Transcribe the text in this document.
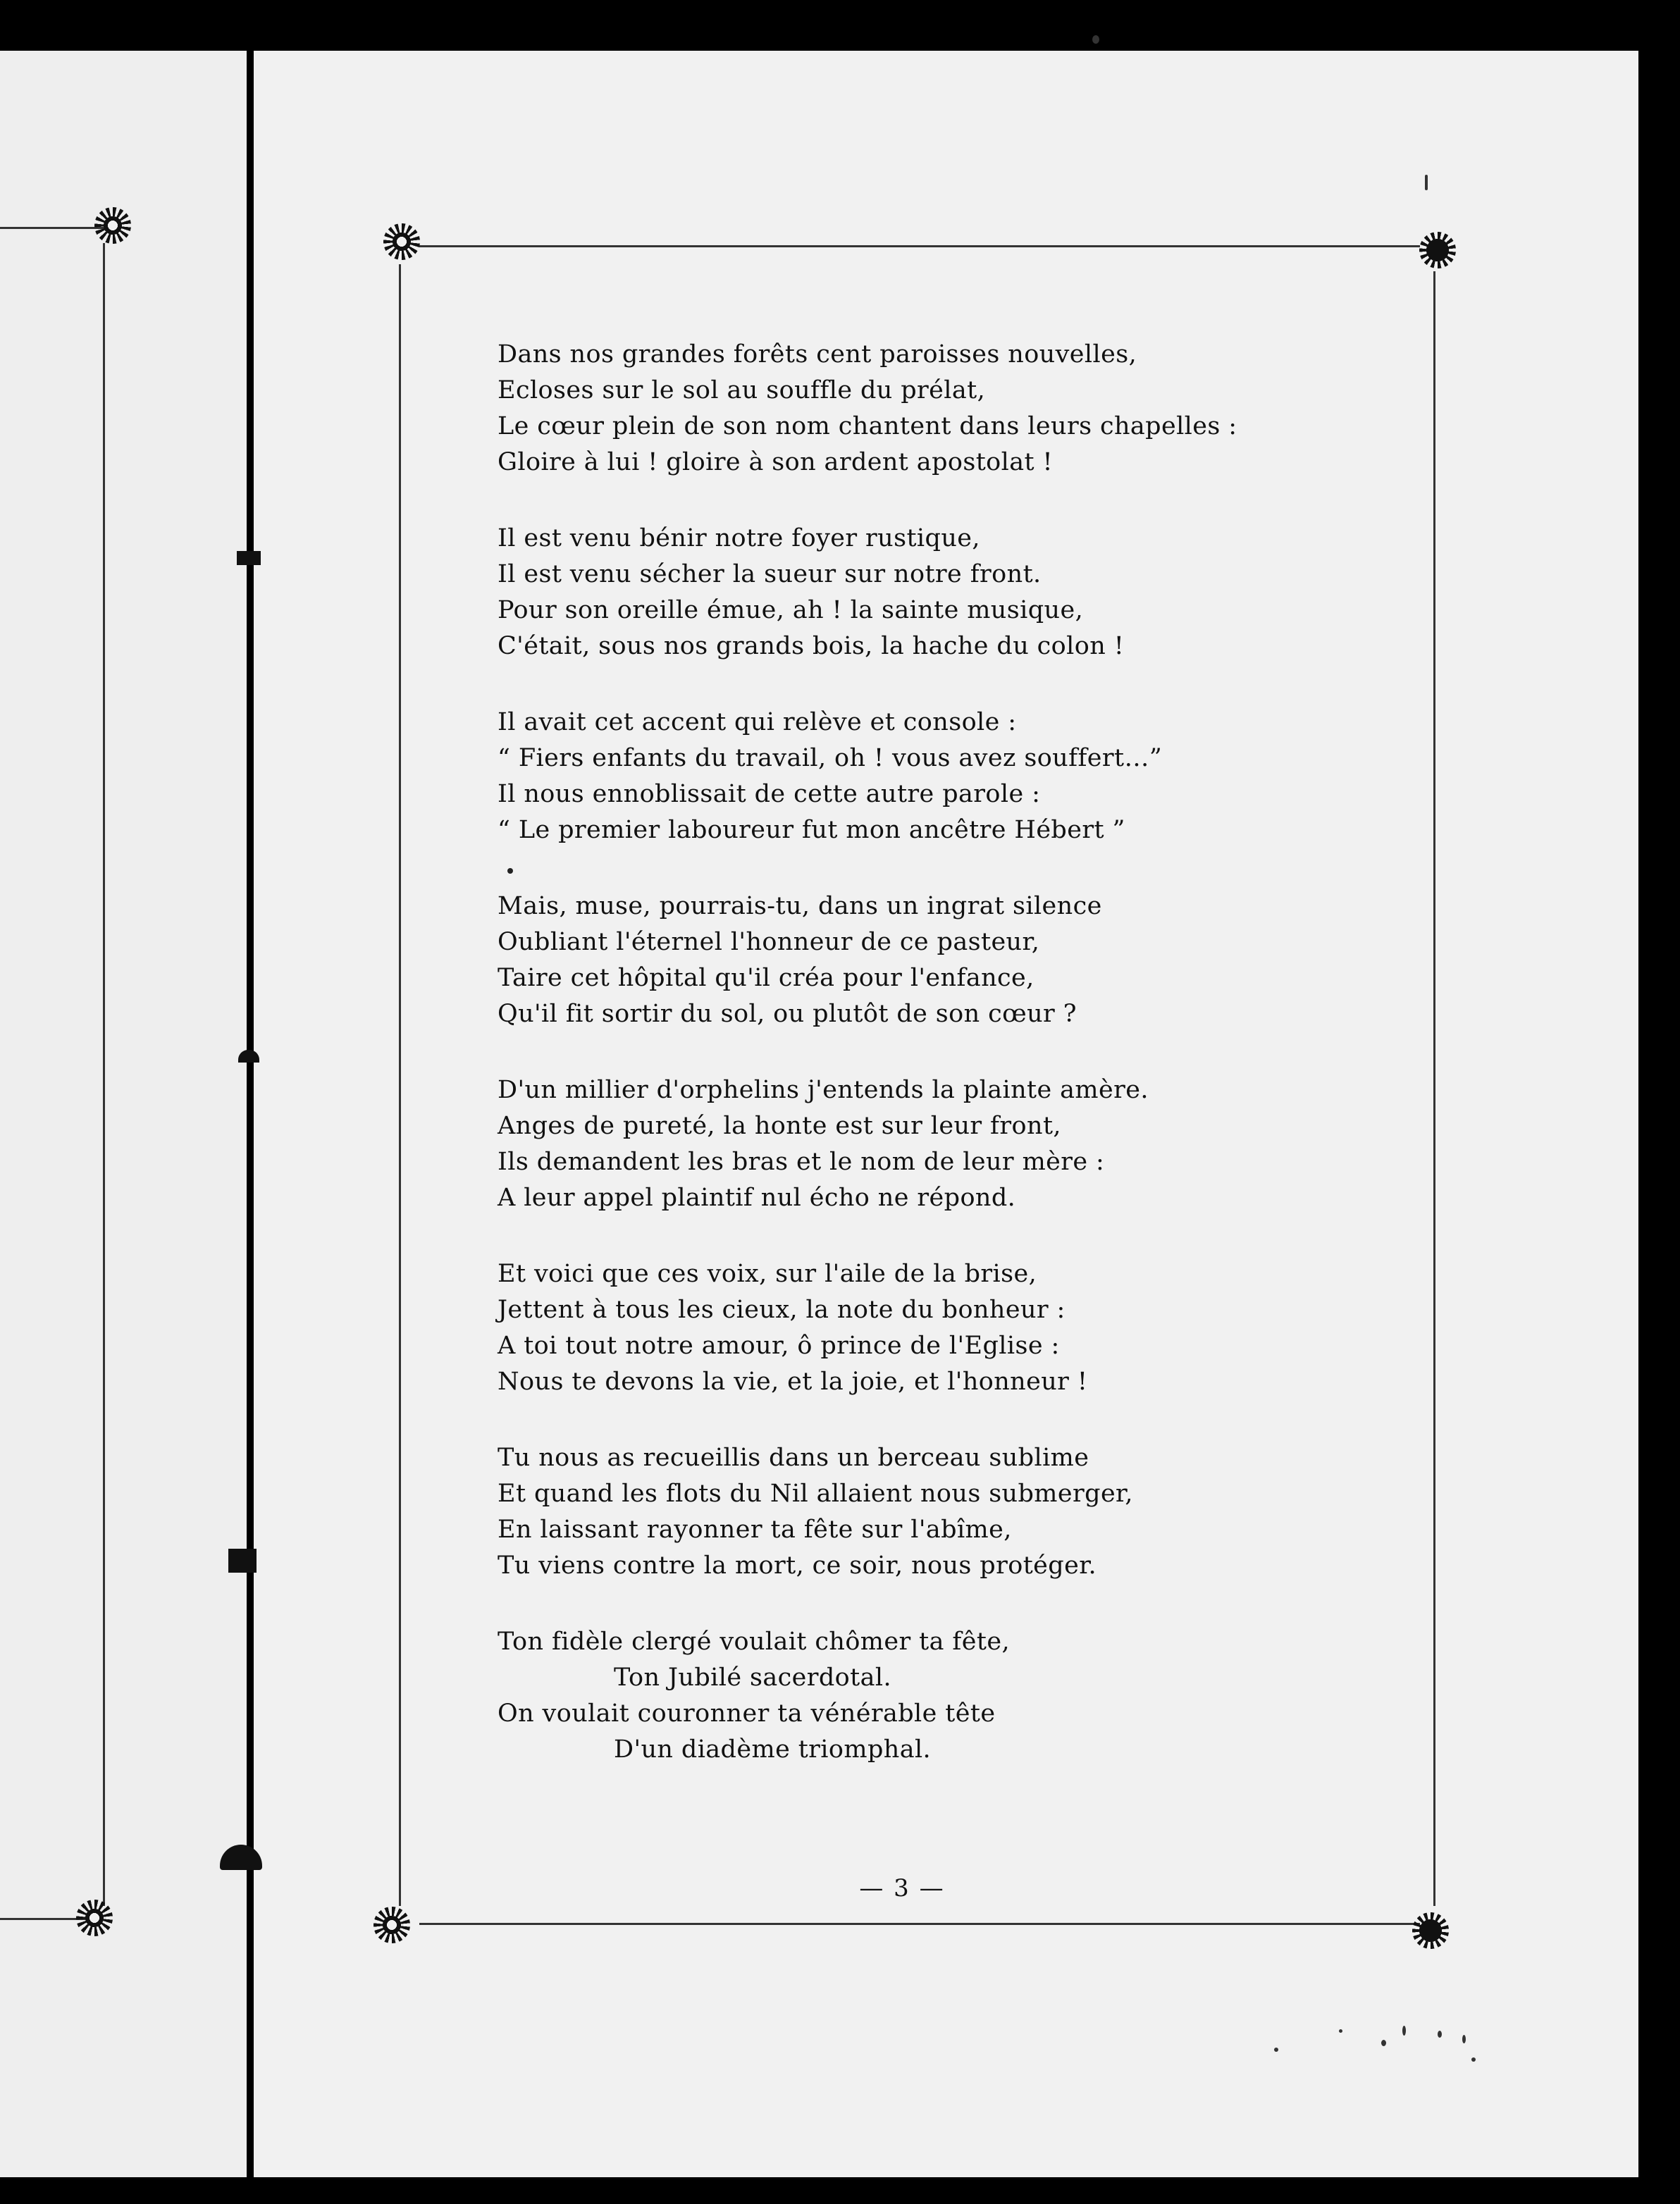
Dans nos grandes forêts cent paroisses nouvelles,
Ecloses sur le sol au souffle du prélat,
Le cœur plein de son nom chantent dans leurs chapelles :
Gloire à lui ! gloire à son ardent apostolat !
Il est venu bénir notre foyer rustique,
Il est venu sécher la sueur sur notre front.
Pour son oreille émue, ah ! la sainte musique,
C'était, sous nos grands bois, la hache du colon !
Il avait cet accent qui relève et console :
“ Fiers enfants du travail, oh ! vous avez souffert…”
Il nous ennoblissait de cette autre parole :
“ Le premier laboureur fut mon ancêtre Hébert ”
Mais, muse, pourrais-tu, dans un ingrat silence
Oubliant l'éternel l'honneur de ce pasteur,
Taire cet hôpital qu'il créa pour l'enfance,
Qu'il fit sortir du sol, ou plutôt de son cœur ?
D'un millier d'orphelins j'entends la plainte amère.
Anges de pureté, la honte est sur leur front,
Ils demandent les bras et le nom de leur mère :
A leur appel plaintif nul écho ne répond.
Et voici que ces voix, sur l'aile de la brise,
Jettent à tous les cieux, la note du bonheur :
A toi tout notre amour, ô prince de l'Eglise :
Nous te devons la vie, et la joie, et l'honneur !
Tu nous as recueillis dans un berceau sublime
Et quand les flots du Nil allaient nous submerger,
En laissant rayonner ta fête sur l'abîme,
Tu viens contre la mort, ce soir, nous protéger.
Ton fidèle clergé voulait chômer ta fête,
Ton Jubilé sacerdotal.
On voulait couronner ta vénérable tête
D'un diadème triomphal.
— 3 —
